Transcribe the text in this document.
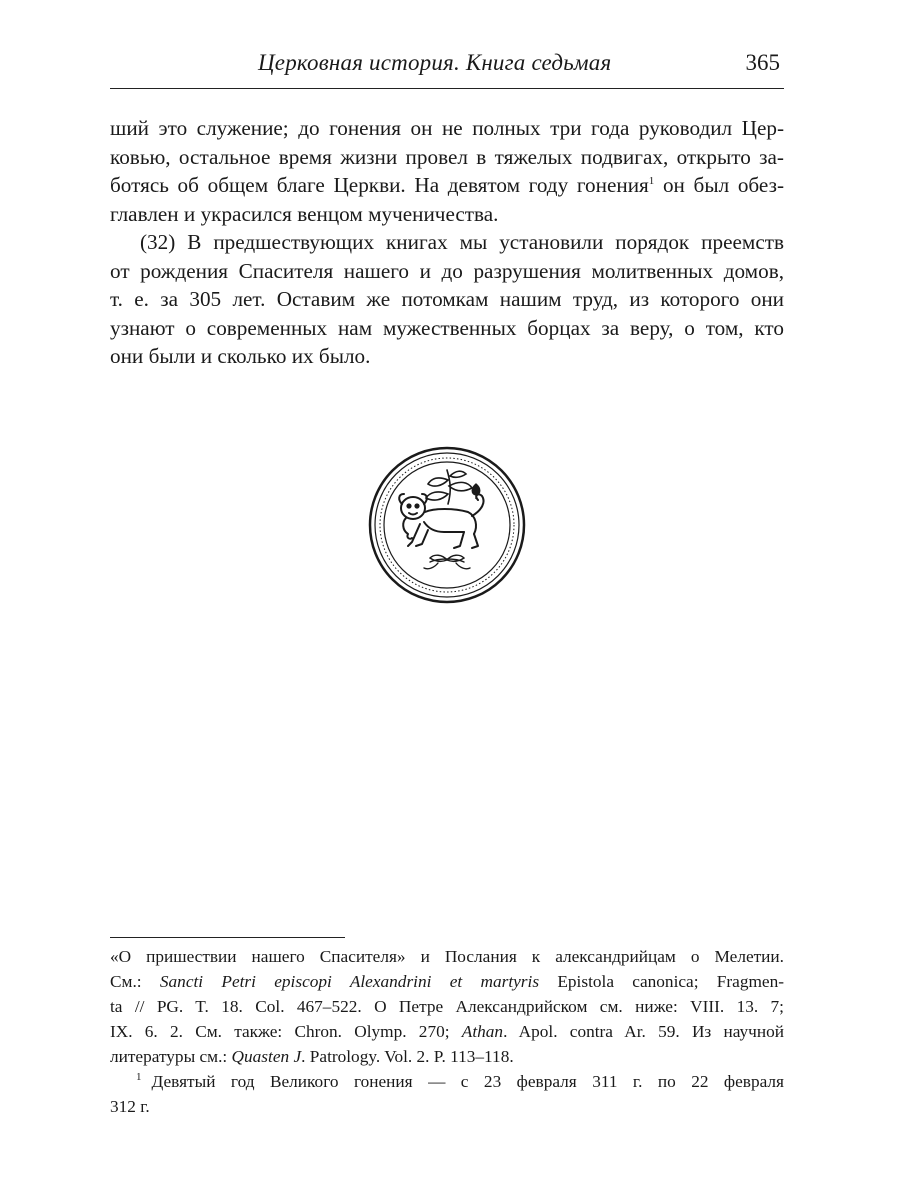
Церковная история. Книга седьмая	365

ший это служение; до гонения он не полных три года руководил Цер-

ковью, остальное время жизни провел в тяжелых подвигах, открыто за-

ботясь об общем благе Церкви. На девятом году гонения$^1$ он был обез-

главлен и украсился венцом мученичества.

(32) В предшествующих книгах мы установили порядок преемств

от рождения Спасителя нашего и до разрушения молитвенных домов,

т. е. за 305 лет. Оставим же потомкам нашим труд, из которого они

узнают о современных нам мужественных борцах за веру, о том, кто

они были и сколько их было.

«О пришествии нашего Спасителя» и Послания к александрийцам о Мелетии.

См.: Sancti Petri episcopi Alexandrini et martyris Epistola canonica; Fragmen-

ta // PG. T. 18. Col. 467–522. О Петре Александрийском см. ниже: VIII. 13. 7;

IX. 6. 2. См. также: Chron. Olymp. 270; Athan. Apol. contra Ar. 59. Из научной

литературы см.: Quasten J. Patrology. Vol. 2. P. 113–118.

$^1$ Девятый год Великого гонения — с 23 февраля 311 г. по 22 февраля

312 г.
